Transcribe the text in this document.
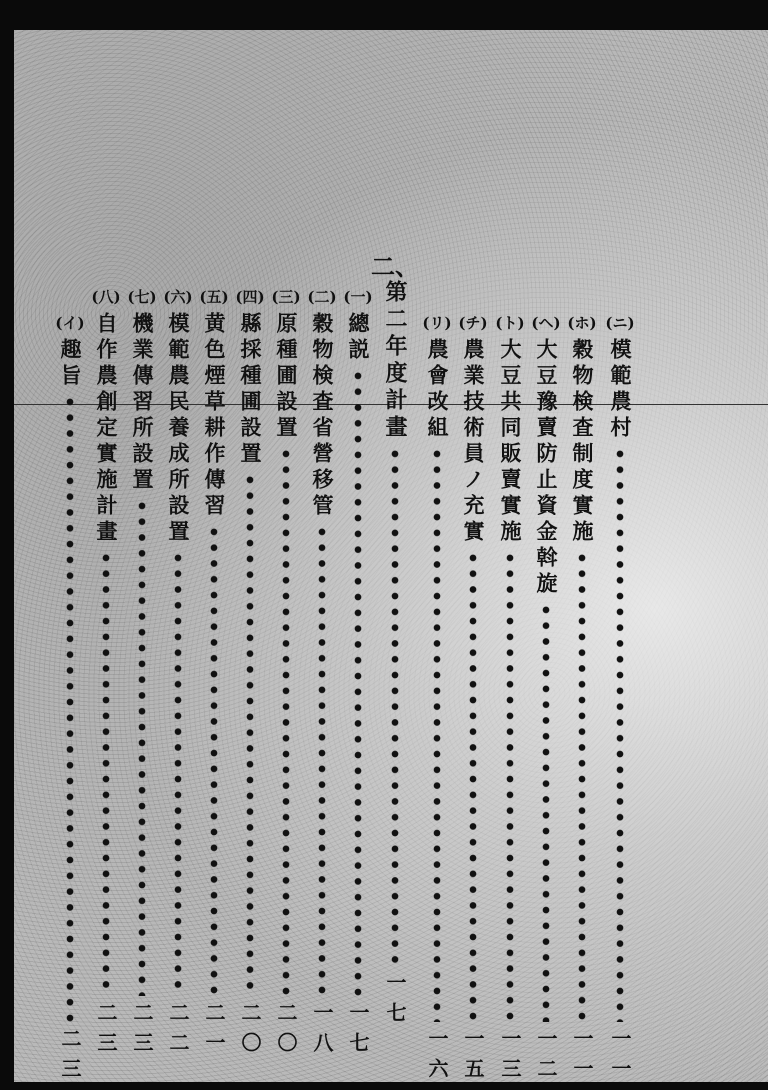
(ニ)
模範農村
一一
(ホ)
穀物検査制度實施
一一
(ヘ)
大豆豫賣防止資金斡旋
一二
(ト)
大豆共同販賣實施
一三
(チ)
農業技術員ノ充實
一五
(リ)
農會改組
一六
二、
第二年度計畫
一七
(一)
總説
一七
(二)
穀物検査省營移管
一八
(三)
原種圃設置
二〇
(四)
縣採種圃設置
二〇
(五)
黄色煙草耕作傳習
二一
(六)
模範農民養成所設置
二二
(七)
機業傳習所設置
二三
(八)
自作農創定實施計畫
二三
(イ)
趣旨
二三
